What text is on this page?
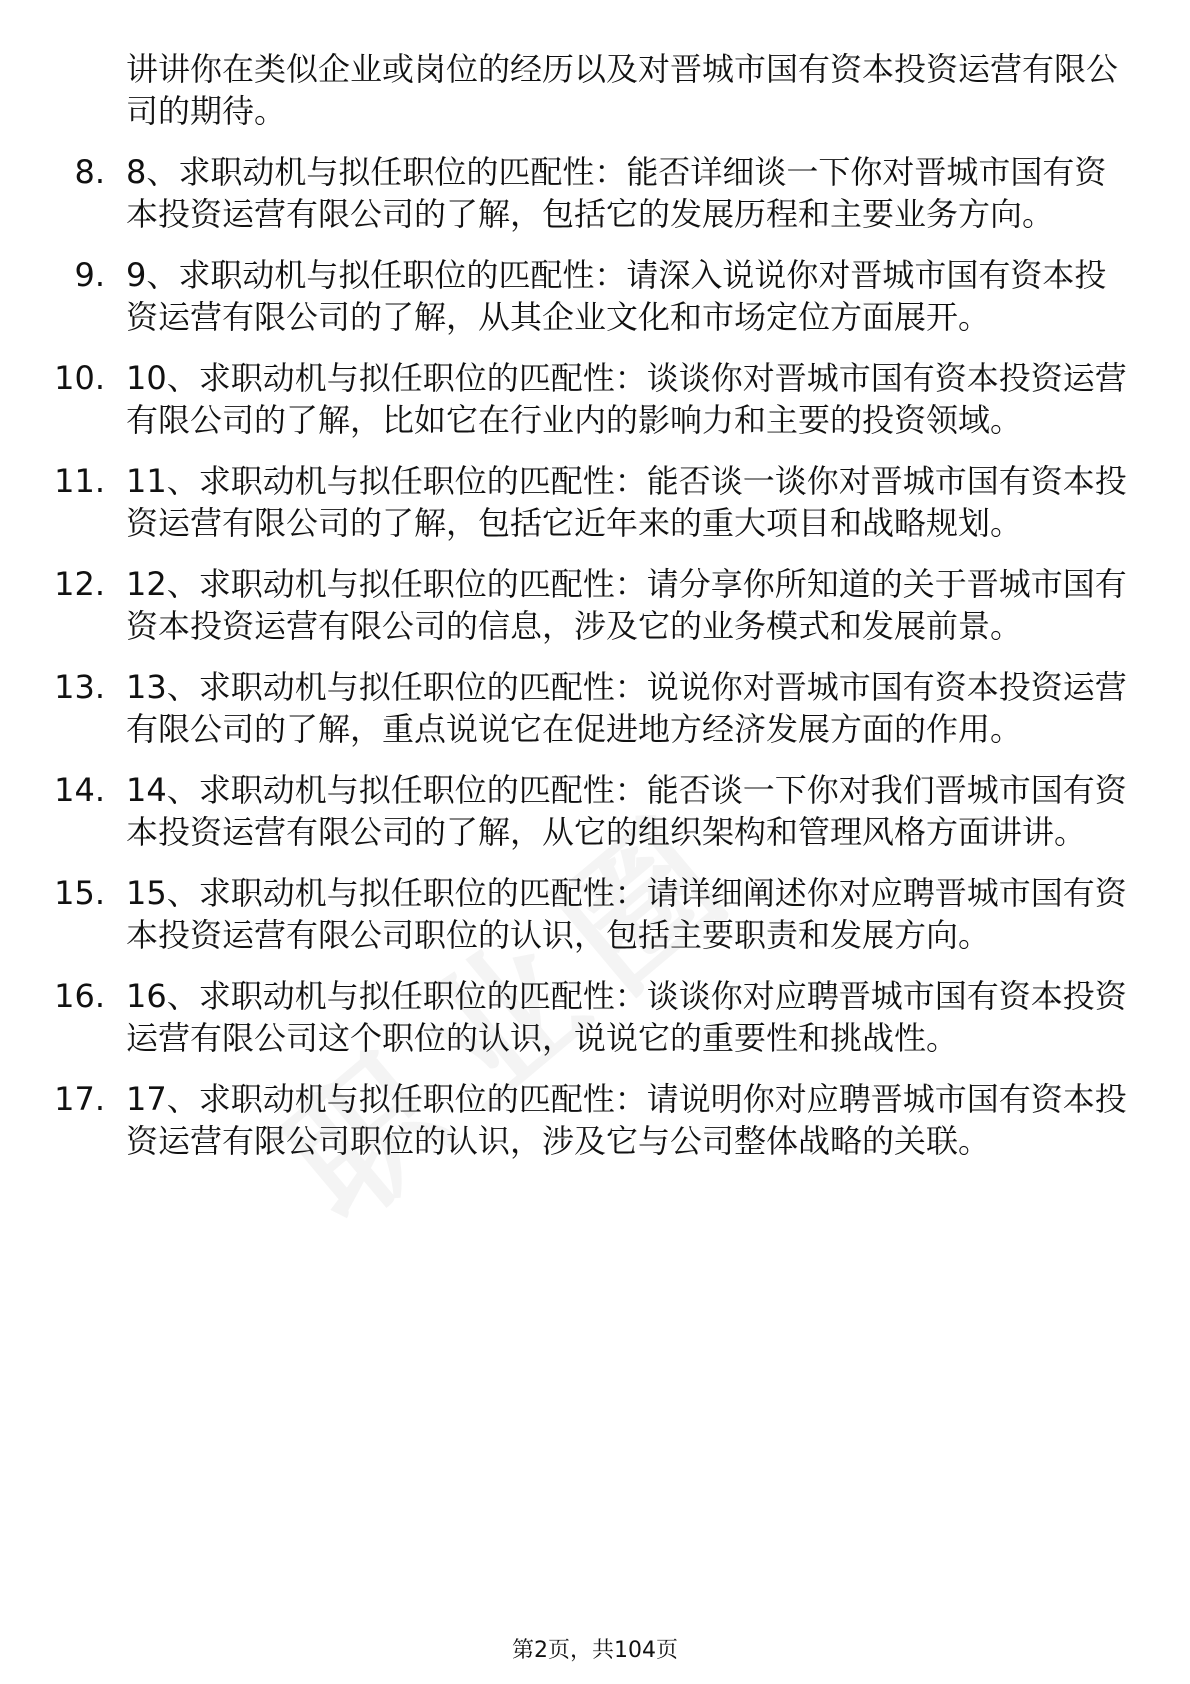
讲讲你在类似企业或岗位的经历以及对晋城市国有资本投资运营有限公司的期待。
8. 8、求职动机与拟任职位的匹配性：能否详细谈一下你对晋城市国有资本投资运营有限公司的了解，包括它的发展历程和主要业务方向。
9. 9、求职动机与拟任职位的匹配性：请深入说说你对晋城市国有资本投资运营有限公司的了解，从其企业文化和市场定位方面展开。
10. 10、求职动机与拟任职位的匹配性：谈谈你对晋城市国有资本投资运营有限公司的了解，比如它在行业内的影响力和主要的投资领域。
11. 11、求职动机与拟任职位的匹配性：能否谈一谈你对晋城市国有资本投资运营有限公司的了解，包括它近年来的重大项目和战略规划。
12. 12、求职动机与拟任职位的匹配性：请分享你所知道的关于晋城市国有资本投资运营有限公司的信息，涉及它的业务模式和发展前景。
13. 13、求职动机与拟任职位的匹配性：说说你对晋城市国有资本投资运营有限公司的了解，重点说说它在促进地方经济发展方面的作用。
14. 14、求职动机与拟任职位的匹配性：能否谈一下你对我们晋城市国有资本投资运营有限公司的了解，从它的组织架构和管理风格方面讲讲。
15. 15、求职动机与拟任职位的匹配性：请详细阐述你对应聘晋城市国有资本投资运营有限公司职位的认识，包括主要职责和发展方向。
16. 16、求职动机与拟任职位的匹配性：谈谈你对应聘晋城市国有资本投资运营有限公司这个职位的认识，说说它的重要性和挑战性。
17. 17、求职动机与拟任职位的匹配性：请说明你对应聘晋城市国有资本投资运营有限公司职位的认识，涉及它与公司整体战略的关联。
第2页，共104页
